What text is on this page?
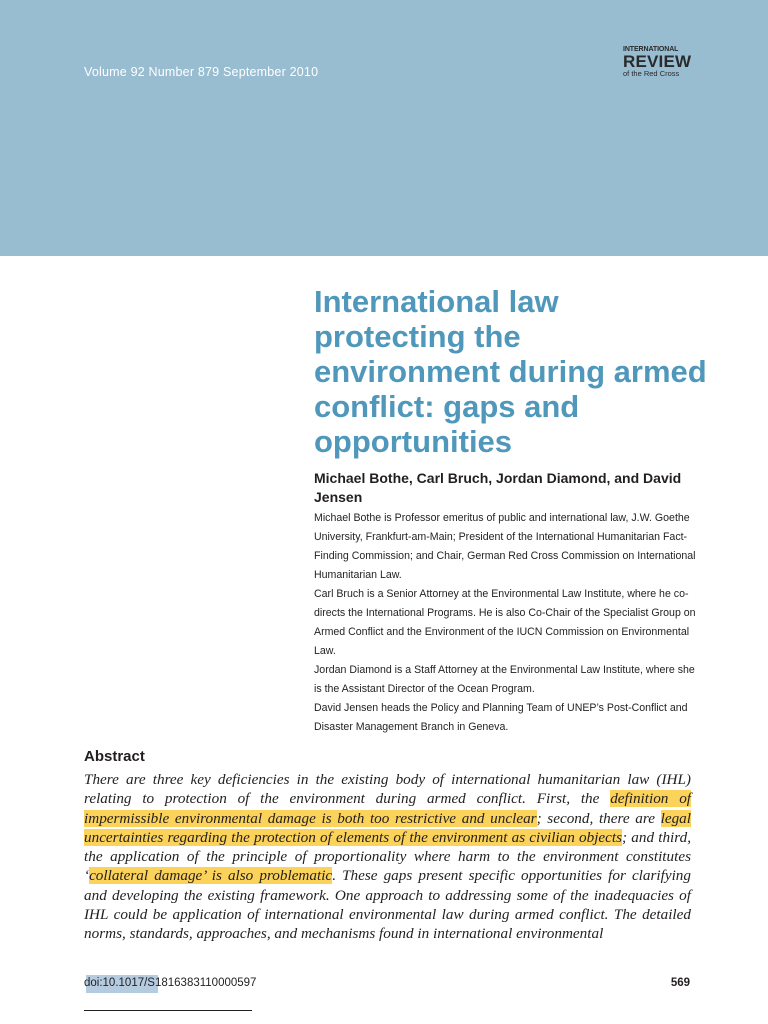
Volume 92 Number 879 September 2010
INTERNATIONAL
REVIEW
of the Red Cross
International law protecting the environment during armed conflict: gaps and opportunities
Michael Bothe, Carl Bruch, Jordan Diamond, and David Jensen

Michael Bothe is Professor emeritus of public and international law, J.W. Goethe University, Frankfurt-am-Main; President of the International Humanitarian Fact-Finding Commission; and Chair, German Red Cross Commission on International Humanitarian Law.

Carl Bruch is a Senior Attorney at the Environmental Law Institute, where he co-directs the International Programs. He is also Co-Chair of the Specialist Group on Armed Conflict and the Environment of the IUCN Commission on Environmental Law.

Jordan Diamond is a Staff Attorney at the Environmental Law Institute, where she is the Assistant Director of the Ocean Program.

David Jensen heads the Policy and Planning Team of UNEP’s Post-Conflict and Disaster Management Branch in Geneva.

Abstract

There are three key deficiencies in the existing body of international humanitarian law (IHL) relating to protection of the environment during armed conflict. First, the definition of impermissible environmental damage is both too restrictive and unclear; second, there are legal uncertainties regarding the protection of elements of the environment as civilian objects; and third, the application of the principle of proportionality where harm to the environment constitutes ‘collateral damage’ is also problematic. These gaps present specific opportunities for clarifying and developing the existing framework. One approach to addressing some of the inadequacies of IHL could be application of international environmental law during armed conflict. The detailed norms, standards, approaches, and mechanisms found in international environmental

doi:10.1017/S1816383110000597	569
